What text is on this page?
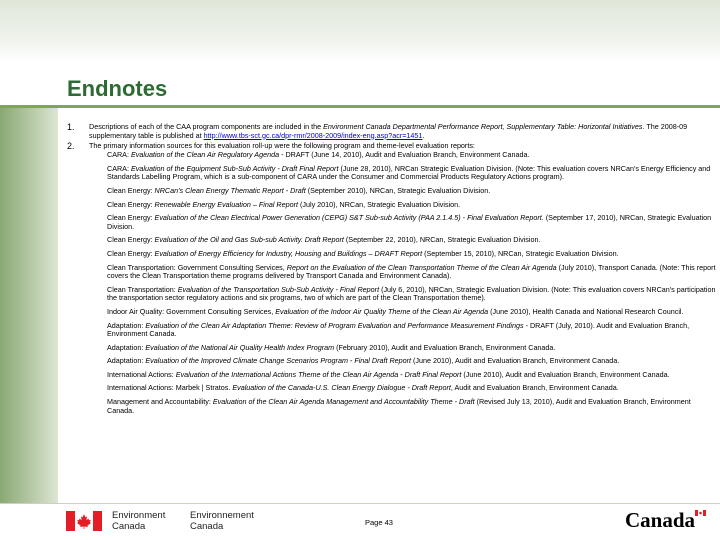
Endnotes
1.	Descriptions of each of the CAA program components are included in the Environment Canada Departmental Performance Report, Supplementary Table: Horizontal Initiatives. The 2008-09 supplementary table is published at http://www.tbs-sct.gc.ca/dpr-rmr/2008-2009/index-eng.asp?acr=1451.
2.	The primary information sources for this evaluation roll-up were the following program and theme-level evaluation reports:

CARA: Evaluation of the Clean Air Regulatory Agenda - DRAFT (June 14, 2010), Audit and Evaluation Branch, Environment Canada.

CARA: Evaluation of the Equipment Sub-Sub Activity - Draft Final Report (June 28, 2010), NRCan Strategic Evaluation Division. (Note: This evaluation covers NRCan's Energy Efficiency and Standards Labelling Program, which is a sub-component of CARA under the Consumer and Commercial Products Regulatory Actions program).

Clean Energy: NRCan's Clean Energy Thematic Report - Draft (September 2010), NRCan, Strategic Evaluation Division.

Clean Energy: Renewable Energy Evaluation – Final Report (July 2010), NRCan, Strategic Evaluation Division.

Clean Energy: Evaluation of the Clean Electrical Power Generation (CEPG) S&T Sub-sub Activity (PAA 2.1.4.5) - Final Evaluation Report. (September 17, 2010), NRCan, Strategic Evaluation Division.

Clean Energy: Evaluation of the Oil and Gas Sub-sub Activity. Draft Report (September 22, 2010), NRCan, Strategic Evaluation Division.

Clean Energy: Evaluation of Energy Efficiency for Industry, Housing and Buildings – DRAFT Report (September 15, 2010), NRCan, Strategic Evaluation Division.

Clean Transportation: Government Consulting Services, Report on the Evaluation of the Clean Transportation Theme of the Clean Air Agenda (July 2010), Transport Canada. (Note: This report covers the Clean Transportation theme programs delivered by Transport Canada and Environment Canada).

Clean Transportation: Evaluation of the Transportation Sub-Sub Activity - Final Report (July 6, 2010), NRCan, Strategic Evaluation Division. (Note: This evaluation covers NRCan's participation the transportation sector regulatory actions and six programs, two of which are part of the Clean Transportation theme).

Indoor Air Quality: Government Consulting Services, Evaluation of the Indoor Air Quality Theme of the Clean Air Agenda (June 2010), Health Canada and National Research Council.

Adaptation: Evaluation of the Clean Air Adaptation Theme: Review of Program Evaluation and Performance Measurement Findings - DRAFT (July, 2010). Audit and Evaluation Branch, Environment Canada.

Adaptation: Evaluation of the National Air Quality Health Index Program (February 2010), Audit and Evaluation Branch, Environment Canada.

Adaptation: Evaluation of the Improved Climate Change Scenarios Program - Final Draft Report (June 2010), Audit and Evaluation Branch, Environment Canada.

International Actions: Evaluation of the International Actions Theme of the Clean Air Agenda - Draft Final Report (June 2010), Audit and Evaluation Branch, Environment Canada.

International Actions: Marbek | Stratos. Evaluation of the Canada-U.S. Clean Energy Dialogue - Draft Report, Audit and Evaluation Branch, Environment Canada.

Management and Accountability: Evaluation of the Clean Air Agenda Management and Accountability Theme - Draft (Revised July 13, 2010), Audit and Evaluation Branch, Environment Canada.

Environment
Canada
Environnement
Canada	Page 43	Canada
